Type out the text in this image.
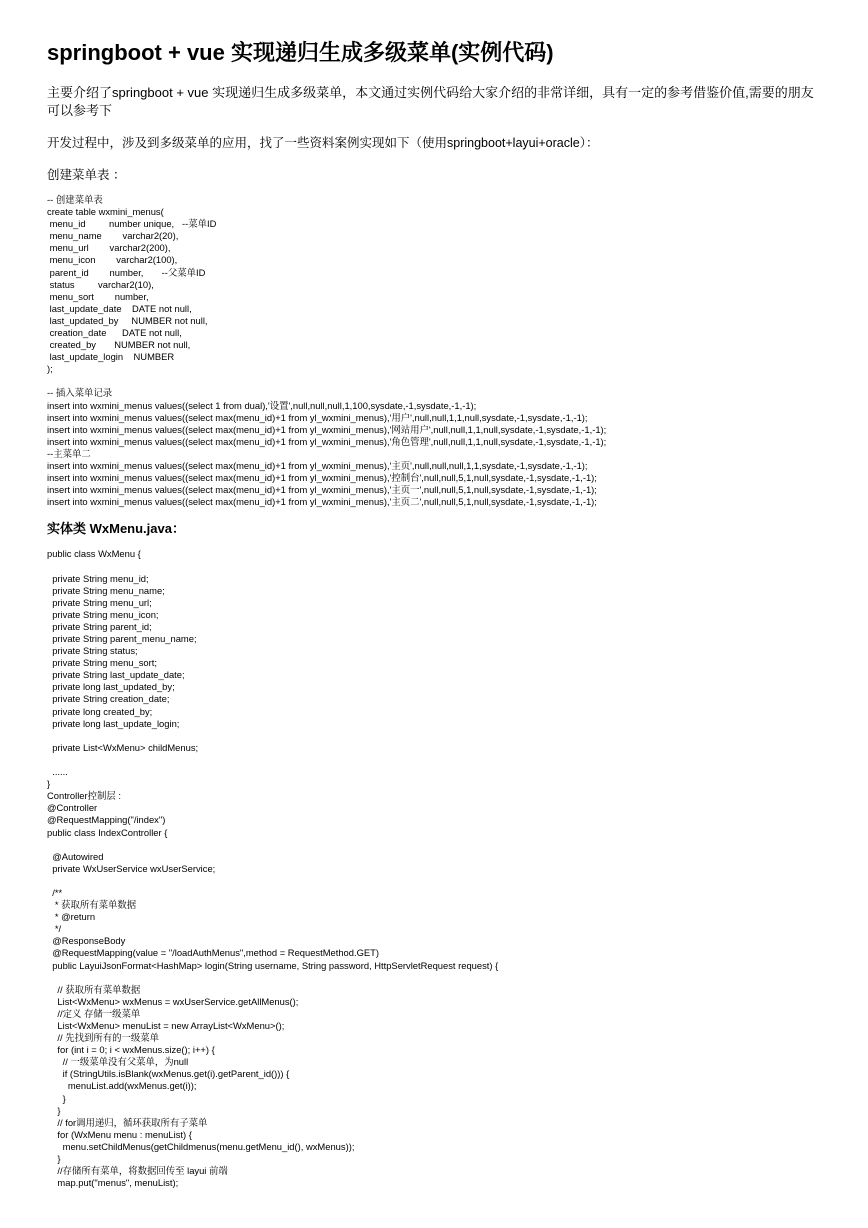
springboot + vue 实现递归生成多级菜单(实例代码)

主要介绍了springboot + vue 实现递归生成多级菜单，本文通过实例代码给大家介绍的非常详细，具有一定的参考借鉴价值,需要的朋友可以参考下

开发过程中，涉及到多级菜单的应用，找了一些资料案例实现如下（使用springboot+layui+oracle）：

创建菜单表 ：

-- 创建菜单表
create table wxmini_menus(
menu_id         number unique,   --菜单ID
menu_name        varchar2(20),
menu_url        varchar2(200),
menu_icon        varchar2(100),
parent_id        number,       --父菜单ID
status         varchar2(10),
menu_sort        number,
last_update_date    DATE not null,
last_updated_by     NUMBER not null,
creation_date      DATE not null,
created_by       NUMBER not null,
last_update_login    NUMBER
);
-- 插入菜单记录
insert into wxmini_menus values((select 1 from dual),'设置',null,null,null,1,100,sysdate,-1,sysdate,-1,-1);
insert into wxmini_menus values((select max(menu_id)+1 from yl_wxmini_menus),'用户',null,null,1,1,null,sysdate,-1,sysdate,-1,-1);
insert into wxmini_menus values((select max(menu_id)+1 from yl_wxmini_menus),'网站用户',null,null,1,1,null,sysdate,-1,sysdate,-1,-1);
insert into wxmini_menus values((select max(menu_id)+1 from yl_wxmini_menus),'角色管理',null,null,1,1,null,sysdate,-1,sysdate,-1,-1);
--主菜单二
insert into wxmini_menus values((select max(menu_id)+1 from yl_wxmini_menus),'主页',null,null,null,1,1,sysdate,-1,sysdate,-1,-1);
insert into wxmini_menus values((select max(menu_id)+1 from yl_wxmini_menus),'控制台',null,null,5,1,null,sysdate,-1,sysdate,-1,-1);
insert into wxmini_menus values((select max(menu_id)+1 from yl_wxmini_menus),'主页一',null,null,5,1,null,sysdate,-1,sysdate,-1,-1);
insert into wxmini_menus values((select max(menu_id)+1 from yl_wxmini_menus),'主页二',null,null,5,1,null,sysdate,-1,sysdate,-1,-1);

实体类 WxMenu.java：

public class WxMenu {

private String menu_id;
private String menu_name;
private String menu_url;
private String menu_icon;
private String parent_id;
private String parent_menu_name;
private String status;
private String menu_sort;
private String last_update_date;
private long last_updated_by;
private String creation_date;
private long created_by;
private long last_update_login;

private List<WxMenu> childMenus;

......
}
Controller控制层 :
@Controller
@RequestMapping("/index")
public class IndexController {

@Autowired
private WxUserService wxUserService;

/**
* 获取所有菜单数据
* @return
*/
@ResponseBody
@RequestMapping(value = "/loadAuthMenus",method = RequestMethod.GET)
public LayuiJsonFormat<HashMap> login(String username, String password, HttpServletRequest request) {

// 获取所有菜单数据
List<WxMenu> wxMenus = wxUserService.getAllMenus();
//定义 存储一级菜单
List<WxMenu> menuList = new ArrayList<WxMenu>();
// 先找到所有的一级菜单
for (int i = 0; i < wxMenus.size(); i++) {
// 一级菜单没有父菜单，为null
if (StringUtils.isBlank(wxMenus.get(i).getParent_id())) {
menuList.add(wxMenus.get(i));
}
}
// for调用递归，循环获取所有子菜单
for (WxMenu menu : menuList) {
menu.setChildMenus(getChildmenus(menu.getMenu_id(), wxMenus));
}
//存储所有菜单，将数据回传至 layui 前端
map.put("menus", menuList);
